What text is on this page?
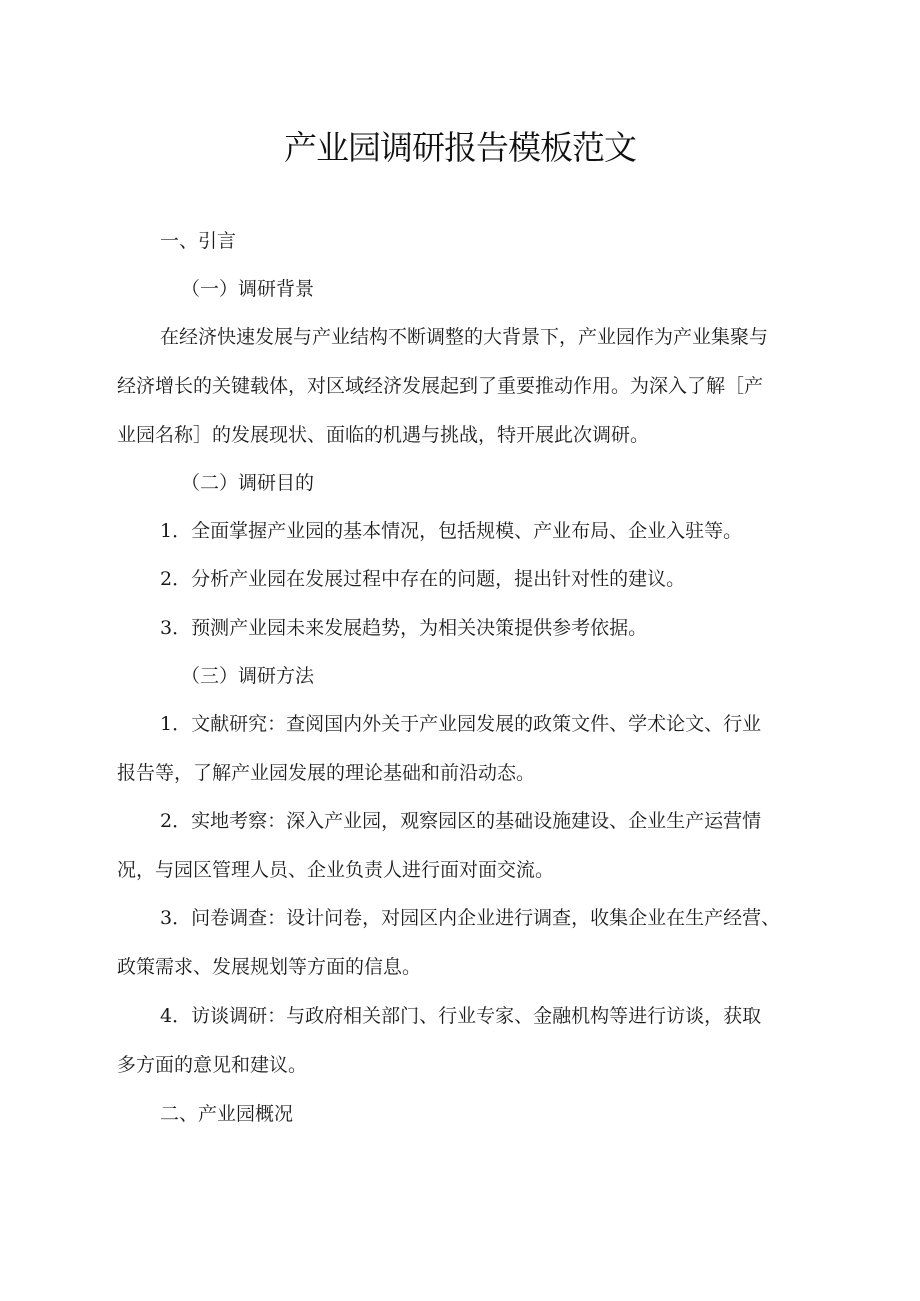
产业园调研报告模板范文
一、引言
（一）调研背景
在经济快速发展与产业结构不断调整的大背景下，产业园作为产业集聚与
经济增长的关键载体，对区域经济发展起到了重要推动作用。为深入了解［产
业园名称］的发展现状、面临的机遇与挑战，特开展此次调研。
（二）调研目的
1．全面掌握产业园的基本情况，包括规模、产业布局、企业入驻等。
2．分析产业园在发展过程中存在的问题，提出针对性的建议。
3．预测产业园未来发展趋势，为相关决策提供参考依据。
（三）调研方法
1．文献研究：查阅国内外关于产业园发展的政策文件、学术论文、行业
报告等，了解产业园发展的理论基础和前沿动态。
2．实地考察：深入产业园，观察园区的基础设施建设、企业生产运营情
况，与园区管理人员、企业负责人进行面对面交流。
3．问卷调查：设计问卷，对园区内企业进行调查，收集企业在生产经营、
政策需求、发展规划等方面的信息。
4．访谈调研：与政府相关部门、行业专家、金融机构等进行访谈，获取
多方面的意见和建议。
二、产业园概况
